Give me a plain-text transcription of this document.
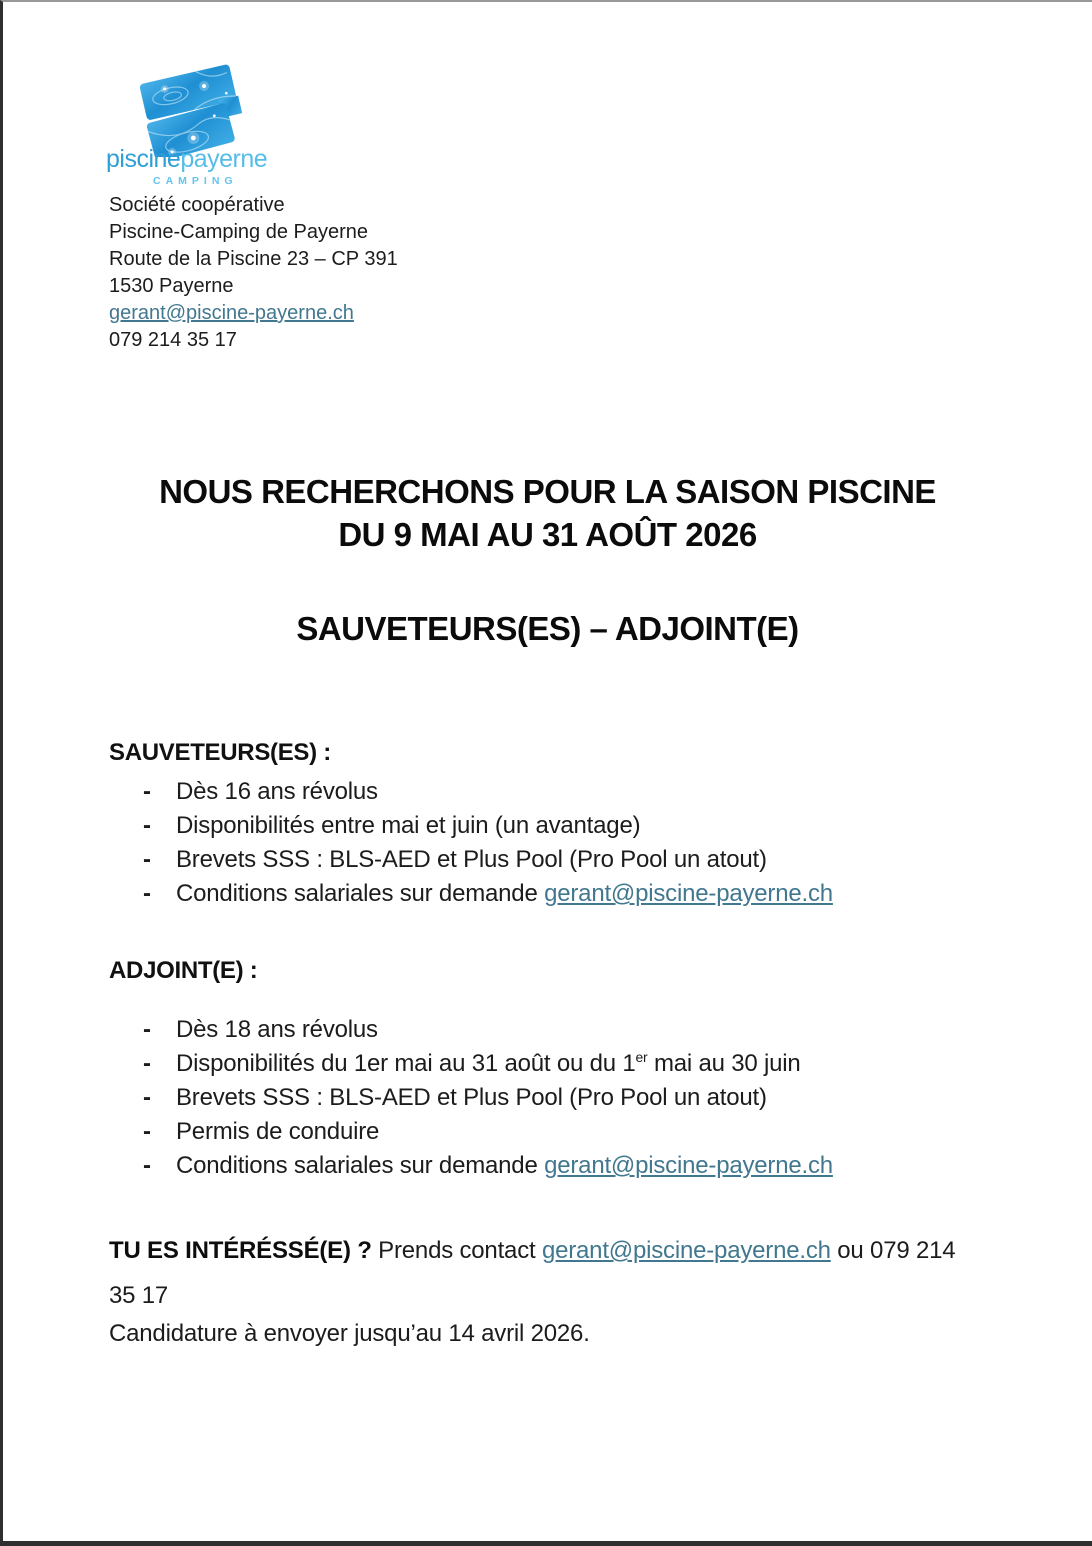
piscinepayerne
CAMPING
Société coopérative
Piscine-Camping de Payerne
Route de la Piscine 23 – CP 391
1530 Payerne
gerant@piscine-payerne.ch
079 214 35 17
NOUS RECHERCHONS POUR LA SAISON PISCINE
DU 9 MAI AU 31 AOÛT 2026
SAUVETEURS(ES) – ADJOINT(E)
SAUVETEURS(ES) :
- Dès 16 ans révolus
- Disponibilités entre mai et juin (un avantage)
- Brevets SSS : BLS-AED et Plus Pool (Pro Pool un atout)
- Conditions salariales sur demande gerant@piscine-payerne.ch
ADJOINT(E) :
- Dès 18 ans révolus
- Disponibilités du 1er mai au 31 août ou du 1er mai au 30 juin
- Brevets SSS : BLS-AED et Plus Pool (Pro Pool un atout)
- Permis de conduire
- Conditions salariales sur demande gerant@piscine-payerne.ch
TU ES INTÉRÉSSÉ(E) ? Prends contact gerant@piscine-payerne.ch ou 079 214 35 17
Candidature à envoyer jusqu’au 14 avril 2026.
